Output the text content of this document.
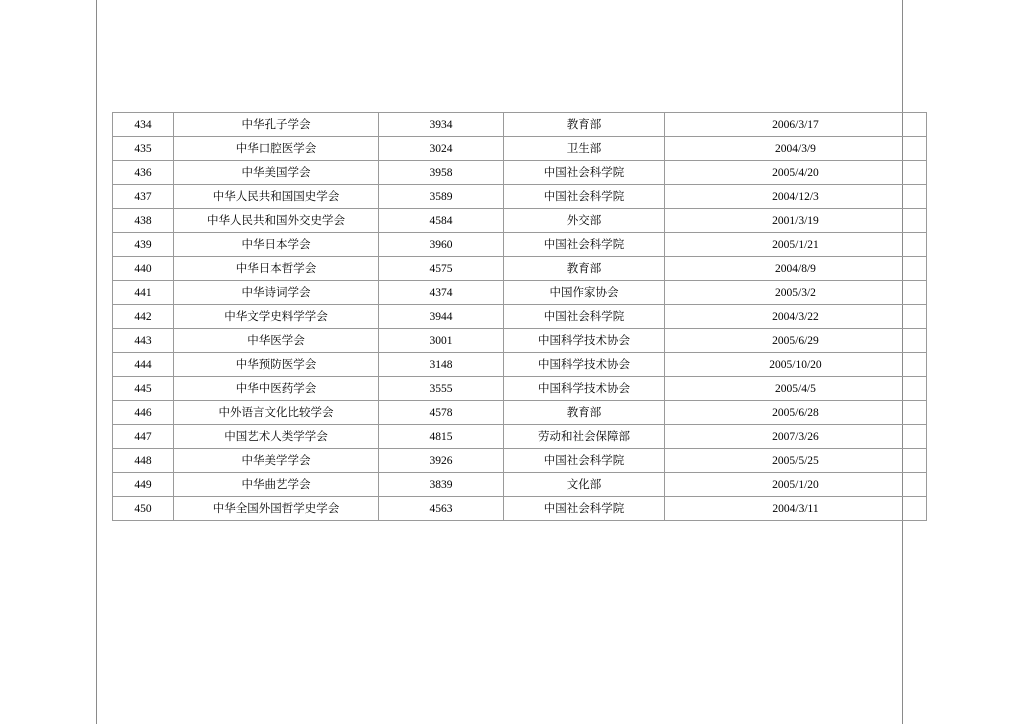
434	中华孔子学会	3934	教育部	2006/3/17
435	中华口腔医学会	3024	卫生部	2004/3/9
436	中华美国学会	3958	中国社会科学院	2005/4/20
437	中华人民共和国国史学会	3589	中国社会科学院	2004/12/3
438	中华人民共和国外交史学会	4584	外交部	2001/3/19
439	中华日本学会	3960	中国社会科学院	2005/1/21
440	中华日本哲学会	4575	教育部	2004/8/9
441	中华诗词学会	4374	中国作家协会	2005/3/2
442	中华文学史料学学会	3944	中国社会科学院	2004/3/22
443	中华医学会	3001	中国科学技术协会	2005/6/29
444	中华预防医学会	3148	中国科学技术协会	2005/10/20
445	中华中医药学会	3555	中国科学技术协会	2005/4/5
446	中外语言文化比较学会	4578	教育部	2005/6/28
447	中国艺术人类学学会	4815	劳动和社会保障部	2007/3/26
448	中华美学学会	3926	中国社会科学院	2005/5/25
449	中华曲艺学会	3839	文化部	2005/1/20
450	中华全国外国哲学史学会	4563	中国社会科学院	2004/3/11
